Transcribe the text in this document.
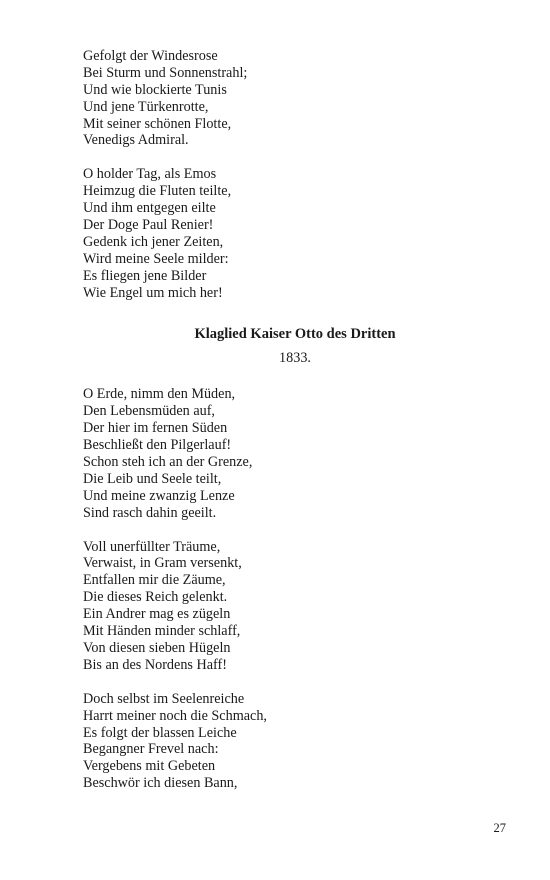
Gefolgt der Windesrose
Bei Sturm und Sonnenstrahl;
Und wie blockierte Tunis
Und jene Türkenrotte,
Mit seiner schönen Flotte,
Venedigs Admiral.
O holder Tag, als Emos
Heimzug die Fluten teilte,
Und ihm entgegen eilte
Der Doge Paul Renier!
Gedenk ich jener Zeiten,
Wird meine Seele milder:
Es fliegen jene Bilder
Wie Engel um mich her!
Klaglied Kaiser Otto des Dritten
1833.
O Erde, nimm den Müden,
Den Lebensmüden auf,
Der hier im fernen Süden
Beschließt den Pilgerlauf!
Schon steh ich an der Grenze,
Die Leib und Seele teilt,
Und meine zwanzig Lenze
Sind rasch dahin geeilt.
Voll unerfüllter Träume,
Verwaist, in Gram versenkt,
Entfallen mir die Zäume,
Die dieses Reich gelenkt.
Ein Andrer mag es zügeln
Mit Händen minder schlaff,
Von diesen sieben Hügeln
Bis an des Nordens Haff!
Doch selbst im Seelenreiche
Harrt meiner noch die Schmach,
Es folgt der blassen Leiche
Begangner Frevel nach:
Vergebens mit Gebeten
Beschwör ich diesen Bann,
27
